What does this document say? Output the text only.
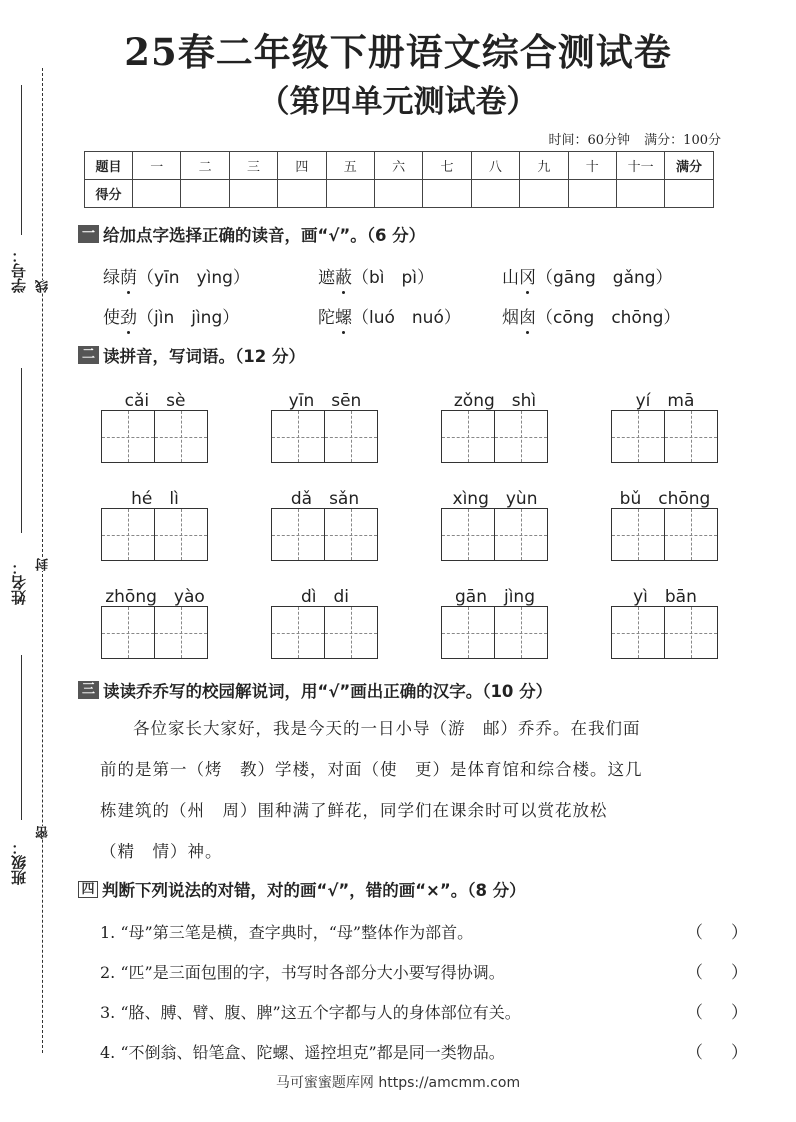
学号： 线
姓名： 封
班级：
密
25春二年级下册语文综合测试卷
（第四单元测试卷）
时间：60分钟 满分：100分
题目	一	二	三	四	五	六	七	八	九	十	十一	满分
得分												
一 给加点字选择正确的读音，画“√”。（6 分）
绿荫（yīn　yìng）	遮蔽（bì　pì）	山冈（gāng　gǎng）
使劲（jìn　jìng）	陀螺（luó　nuó） 烟囱（cōng　chōng）
二 读拼音，写词语。（12 分）
cǎi　sè	yīn　sēn	zǒng　shì	yí　mā
hé　lì	dǎ　sǎn	xìng　yùn	bǔ　chōng
zhōng　yào	dì　di	gān　jìng	yì　bān
三 读读乔乔写的校园解说词，用“√”画出正确的汉字。（10 分）

各位家长大家好，我是今天的一日小导（游　邮）乔乔。在我们面

前的是第一（烤　教）学楼，对面（使　更）是体育馆和综合楼。这几

栋建筑的（州　周）围种满了鲜花，同学们在课余时可以赏花放松

（精　情）神。

四 判断下列说法的对错，对的画“√”，错的画“×”。（8 分）
1. “母”第三笔是横，查字典时，“母”整体作为部首。	（ ）
2. “匹”是三面包围的字，书写时各部分大小要写得协调。	（ ）
3. “胳、膊、臂、腹、脾”这五个字都与人的身体部位有关。	（ ）
4. “不倒翁、铅笔盒、陀螺、遥控坦克”都是同一类物品。	（ ）
马可蜜蜜题库网 https://amcmm.com
